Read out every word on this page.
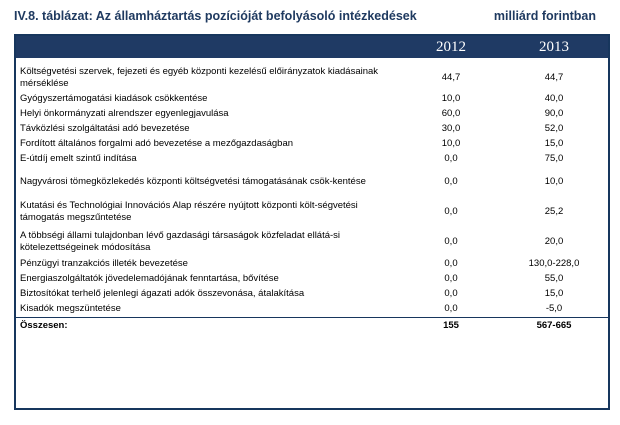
IV.8. táblázat: Az államháztartás pozícióját befolyásoló intézkedések	milliárd forintban
	2012	2013

Költségvetési szervek, fejezeti és egyéb központi kezelésű előirányzatok kiadásainak mérséklése	44,7	44,7
Gyógyszertámogatási kiadások csökkentése	10,0	40,0
Helyi önkormányzati alrendszer egyenlegjavulása	60,0	90,0
Távközlési szolgáltatási adó bevezetése	30,0	52,0
Fordított általános forgalmi adó bevezetése a mezőgazdaságban	10,0	15,0
E-útdíj emelt szintű indítása	0,0	75,0
Nagyvárosi tömegközlekedés központi költségvetési támogatásának csök-kentése	0,0	10,0
Kutatási és Technológiai Innovációs Alap részére nyújtott központi költ-ségvetési támogatás megszűntetése	0,0	25,2
A többségi állami tulajdonban lévő gazdasági társaságok közfeladat ellátá-si kötelezettségeinek módosítása	0,0	20,0
Pénzügyi tranzakciós illeték bevezetése	0,0	130,0-228,0
Energiaszolgáltatók jövedelemadójának fenntartása, bővítése	0,0	55,0
Biztosítókat terhelő jelenlegi ágazati adók összevonása, átalakítása	0,0	15,0
Kisadók megszüntetése	0,0	-5,0
Összesen:	155	567-665
